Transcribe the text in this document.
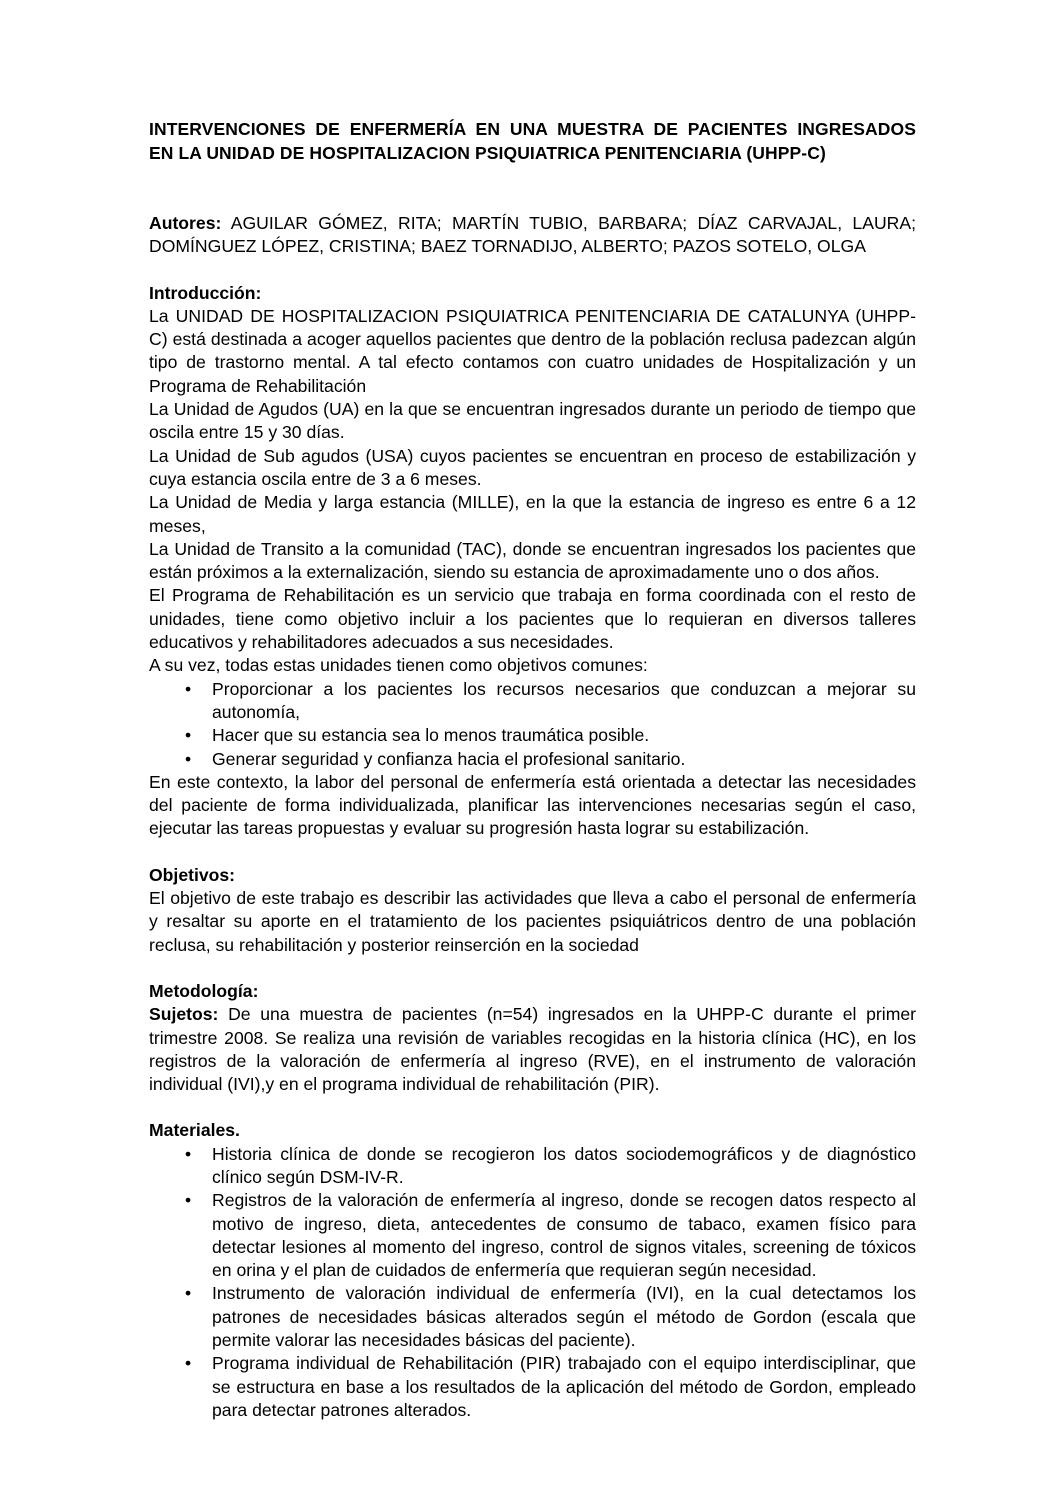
INTERVENCIONES DE ENFERMERÍA EN UNA MUESTRA DE PACIENTES INGRESADOS
EN LA UNIDAD DE HOSPITALIZACION PSIQUIATRICA PENITENCIARIA (UHPP-C)

Autores: AGUILAR GÓMEZ, RITA; MARTÍN TUBIO, BARBARA; DÍAZ CARVAJAL, LAURA; DOMÍNGUEZ LÓPEZ, CRISTINA; BAEZ TORNADIJO, ALBERTO; PAZOS SOTELO, OLGA

Introducción:

La UNIDAD DE HOSPITALIZACION PSIQUIATRICA PENITENCIARIA DE CATALUNYA (UHPP-C) está destinada a acoger aquellos pacientes que dentro de la población reclusa padezcan algún tipo de trastorno mental. A tal efecto contamos con cuatro unidades de Hospitalización y un Programa de Rehabilitación

La Unidad de Agudos (UA) en la que se encuentran ingresados durante un periodo de tiempo que oscila entre 15 y 30 días.

La Unidad de Sub agudos (USA) cuyos pacientes se encuentran en proceso de estabilización y cuya estancia oscila entre de 3 a 6 meses.

La Unidad de Media y larga estancia (MILLE), en la que la estancia de ingreso es entre 6 a 12 meses,

La Unidad de Transito a la comunidad (TAC), donde se encuentran ingresados los pacientes que están próximos a la externalización, siendo su estancia de aproximadamente uno o dos años.

El Programa de Rehabilitación es un servicio que trabaja en forma coordinada con el resto de unidades, tiene como objetivo incluir a los pacientes que lo requieran en diversos talleres educativos y rehabilitadores adecuados a sus necesidades.

A su vez, todas estas unidades tienen como objetivos comunes:

• Proporcionar a los pacientes los recursos necesarios que conduzcan a mejorar su autonomía,
• Hacer que su estancia sea lo menos traumática posible.
• Generar seguridad y confianza hacia el profesional sanitario.

En este contexto, la labor del personal de enfermería está orientada a detectar las necesidades del paciente de forma individualizada, planificar las intervenciones necesarias según el caso, ejecutar las tareas propuestas y evaluar su progresión hasta lograr su estabilización.

Objetivos:

El objetivo de este trabajo es describir las actividades que lleva a cabo el personal de enfermería y resaltar su aporte en el tratamiento de los pacientes psiquiátricos dentro de una población reclusa, su rehabilitación y posterior reinserción en la sociedad

Metodología:

Sujetos: De una muestra de pacientes (n=54) ingresados en la UHPP-C durante el primer trimestre 2008. Se realiza una revisión de variables recogidas en la historia clínica (HC), en los registros de la valoración de enfermería al ingreso (RVE), en el instrumento de valoración individual (IVI),y en el programa individual de rehabilitación (PIR).

Materiales.

• Historia clínica de donde se recogieron los datos sociodemográficos y de diagnóstico clínico según DSM-IV-R.
• Registros de la valoración de enfermería al ingreso, donde se recogen datos respecto al motivo de ingreso, dieta, antecedentes de consumo de tabaco, examen físico para detectar lesiones al momento del ingreso, control de signos vitales, screening de tóxicos en orina y el plan de cuidados de enfermería que requieran según necesidad.
• Instrumento de valoración individual de enfermería (IVI), en la cual detectamos los patrones de necesidades básicas alterados según el método de Gordon (escala que permite valorar las necesidades básicas del paciente).
• Programa individual de Rehabilitación (PIR) trabajado con el equipo interdisciplinar, que se estructura en base a los resultados de la aplicación del método de Gordon, empleado para detectar patrones alterados.
